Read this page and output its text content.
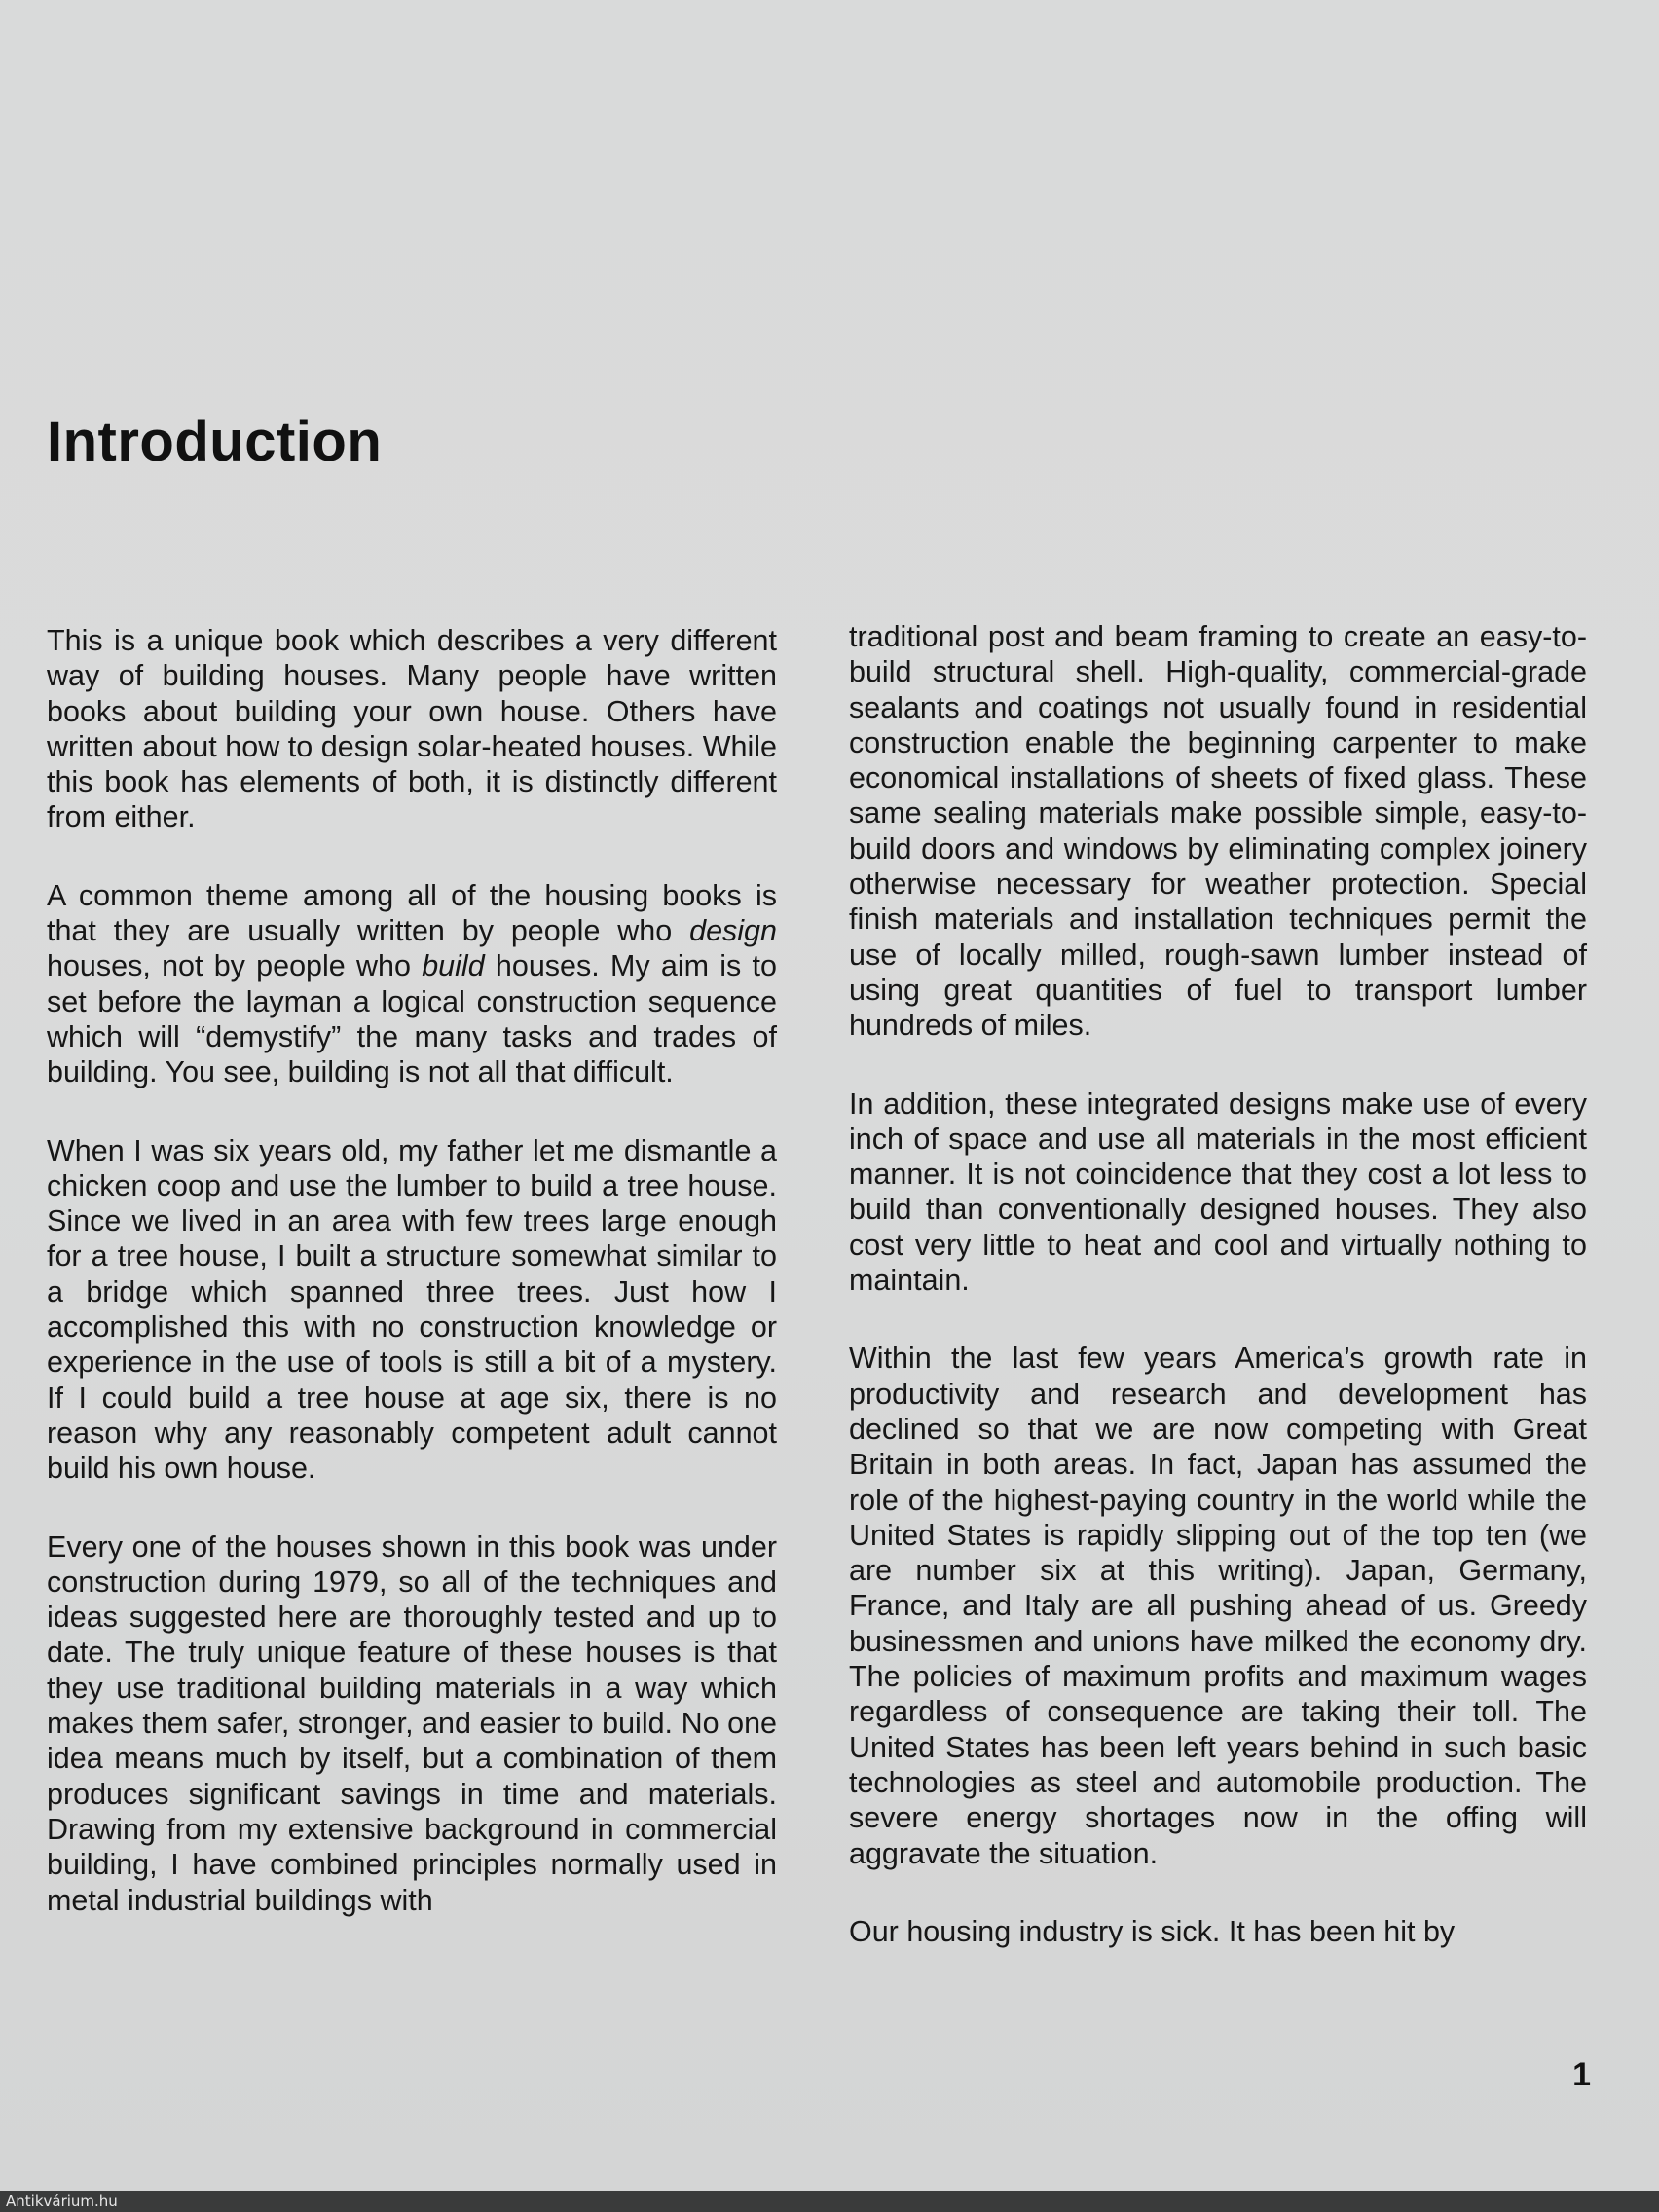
Introduction

This is a unique book which describes a very different way of building houses. Many people have written books about building your own house. Others have written about how to design solar-heated houses. While this book has elements of both, it is distinctly different from either.

A common theme among all of the housing books is that they are usually written by people who design houses, not by people who build houses. My aim is to set before the layman a logical construction sequence which will “demystify” the many tasks and trades of building. You see, building is not all that difficult.

When I was six years old, my father let me dismantle a chicken coop and use the lumber to build a tree house. Since we lived in an area with few trees large enough for a tree house, I built a structure somewhat similar to a bridge which spanned three trees. Just how I accomplished this with no construction knowledge or experience in the use of tools is still a bit of a mystery. If I could build a tree house at age six, there is no reason why any reasonably competent adult cannot build his own house.

Every one of the houses shown in this book was under construction during 1979, so all of the techniques and ideas suggested here are thoroughly tested and up to date. The truly unique feature of these houses is that they use traditional building materials in a way which makes them safer, stronger, and easier to build. No one idea means much by itself, but a combination of them produces significant savings in time and materials. Drawing from my extensive background in commercial building, I have combined principles normally used in metal industrial buildings with

traditional post and beam framing to create an easy-to-build structural shell. High-quality, commercial-grade sealants and coatings not usually found in residential construction enable the beginning carpenter to make economical installations of sheets of fixed glass. These same sealing materials make possible simple, easy-to-build doors and windows by eliminating complex joinery otherwise necessary for weather protection. Special finish materials and installation techniques permit the use of locally milled, rough-sawn lumber instead of using great quantities of fuel to transport lumber hundreds of miles.

In addition, these integrated designs make use of every inch of space and use all materials in the most efficient manner. It is not coincidence that they cost a lot less to build than conventionally designed houses. They also cost very little to heat and cool and virtually nothing to maintain.

Within the last few years America’s growth rate in productivity and research and development has declined so that we are now competing with Great Britain in both areas. In fact, Japan has assumed the role of the highest-paying country in the world while the United States is rapidly slipping out of the top ten (we are number six at this writing). Japan, Germany, France, and Italy are all pushing ahead of us. Greedy businessmen and unions have milked the economy dry. The policies of maximum profits and maximum wages regardless of consequence are taking their toll. The United States has been left years behind in such basic technologies as steel and automobile production. The severe energy shortages now in the offing will aggravate the situation.

Our housing industry is sick. It has been hit by

1
Antikvárium.hu
